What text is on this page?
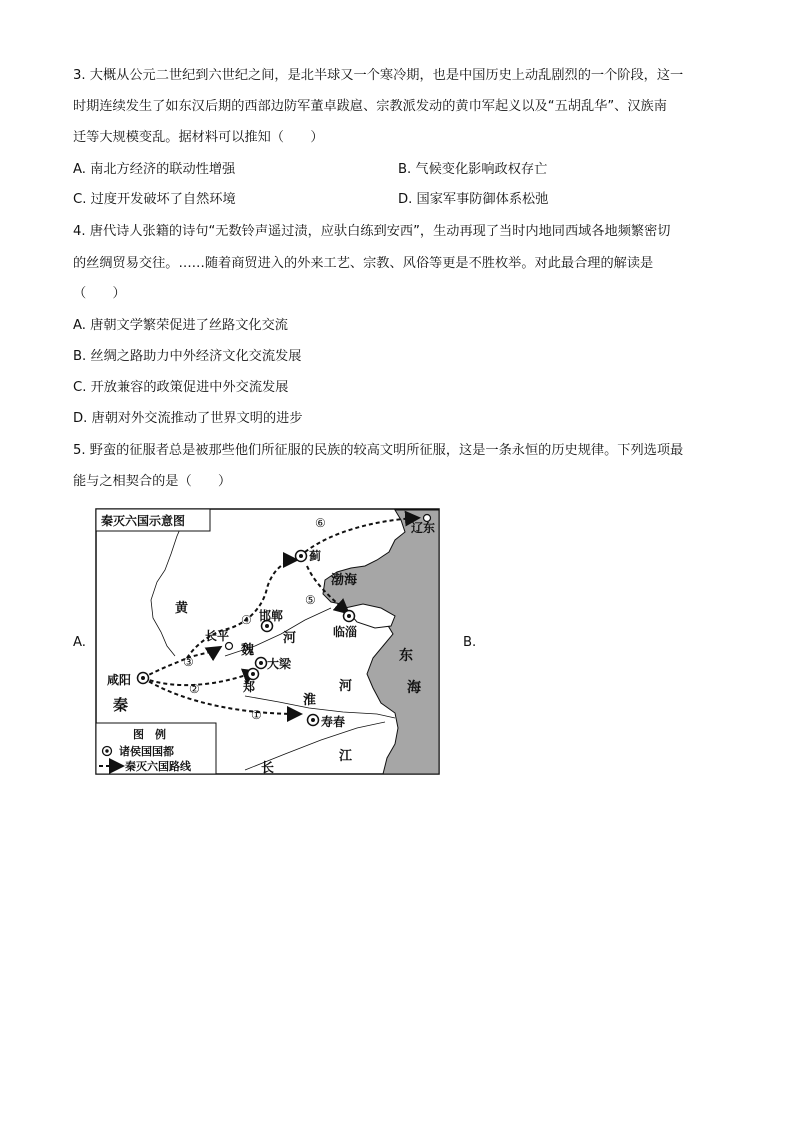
3. 大概从公元二世纪到六世纪之间，是北半球又一个寒冷期，也是中国历史上动乱剧烈的一个阶段，这一
时期连续发生了如东汉后期的西部边防军董卓跋扈、宗教派发动的黄巾军起义以及“五胡乱华”、汉族南
迁等大规模变乱。据材料可以推知（　　）
A. 南北方经济的联动性增强	B. 气候变化影响政权存亡
C. 过度开发破坏了自然环境	D. 国家军事防御体系松弛
4. 唐代诗人张籍的诗句“无数铃声遥过渍，应驮白练到安西”，生动再现了当时内地同西域各地频繁密切
的丝绸贸易交往。……随着商贸进入的外来工艺、宗教、风俗等更是不胜枚举。对此最合理的解读是
（　　）
A. 唐朝文学繁荣促进了丝路文化交流
B. 丝绸之路助力中外经济文化交流发展
C. 开放兼容的政策促进中外交流发展
D. 唐朝对外交流推动了世界文明的进步
5. 野蛮的征服者总是被那些他们所征服的民族的较高文明所征服，这是一条永恒的历史规律。下列选项最
能与之相契合的是（　　）
A.	B.
秦灭六国示意图
咸阳
秦
长平
邯郸
魏
大梁
郑
蓟
辽东
临淄
寿春
渤海
东
海
黄
河
河
淮
江
长
①
②
③
④
⑤
⑥
图　例
诸侯国国都
秦灭六国路线
